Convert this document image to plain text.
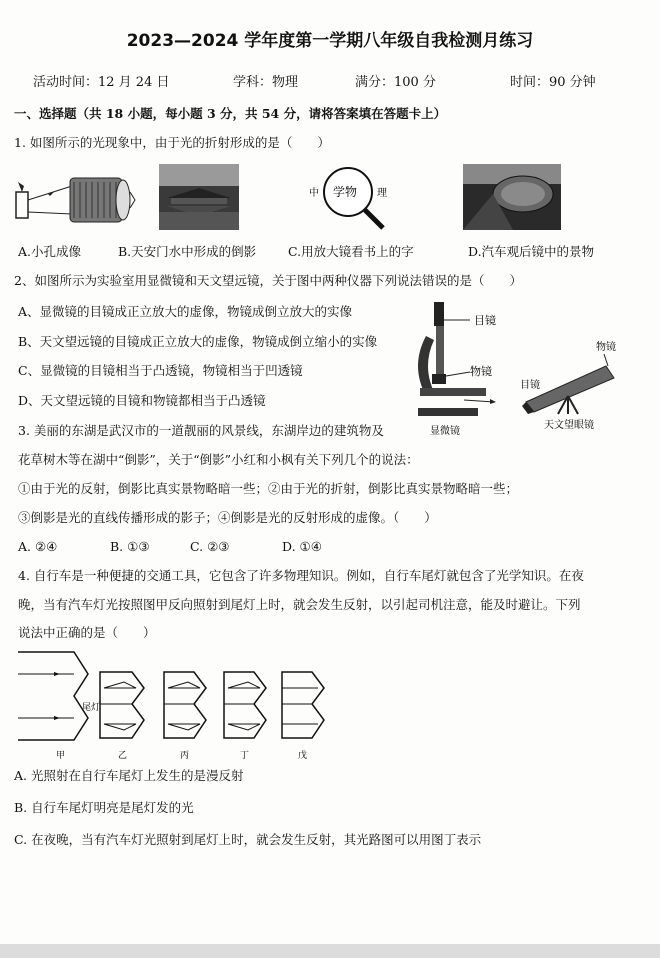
2023—2024 学年度第一学期八年级自我检测月练习
活动时间：12 月 24 日	学科：物理	满分：100 分	时间：90 分钟
一、选择题（共 18 小题，每小题 3 分，共 54 分，请将答案填在答题卡上）
1. 如图所示的光现象中，由于光的折射形成的是（　　）
中 学物 理
A.小孔成像	B.天安门水中形成的倒影	C.用放大镜看书上的字	D.汽车观后镜中的景物
2、如图所示为实验室用显微镜和天文望远镜，关于图中两种仪器下列说法错误的是（　　）
A、显微镜的目镜成正立放大的虚像，物镜成倒立放大的实像
B、天文望远镜的目镜成正立放大的虚像，物镜成倒立缩小的实像
C、显微镜的目镜相当于凸透镜，物镜相当于凹透镜
D、天文望远镜的目镜和物镜都相当于凸透镜
目镜
物镜
显微镜
物镜
目镜
天文望眼镜
3. 美丽的东湖是武汉市的一道靓丽的风景线，东湖岸边的建筑物及
花草树木等在湖中“倒影”，关于“倒影”小红和小枫有关下列几个的说法：
①由于光的反射，倒影比真实景物略暗一些；②由于光的折射，倒影比真实景物略暗一些；
③倒影是光的直线传播形成的影子；④倒影是光的反射形成的虚像。（　　）
A. ②④	B. ①③	C. ②③	D. ①④
4. 自行车是一种便捷的交通工具，它包含了许多物理知识。例如，自行车尾灯就包含了光学知识。在夜
晚，当有汽车灯光按照图甲反向照射到尾灯上时，就会发生反射，以引起司机注意，能及时避让。下列
说法中正确的是（　　）
尾灯
甲	乙	丙	丁	戊
A. 光照射在自行车尾灯上发生的是漫反射
B. 自行车尾灯明亮是尾灯发的光
C. 在夜晚，当有汽车灯光照射到尾灯上时，就会发生反射，其光路图可以用图丁表示
